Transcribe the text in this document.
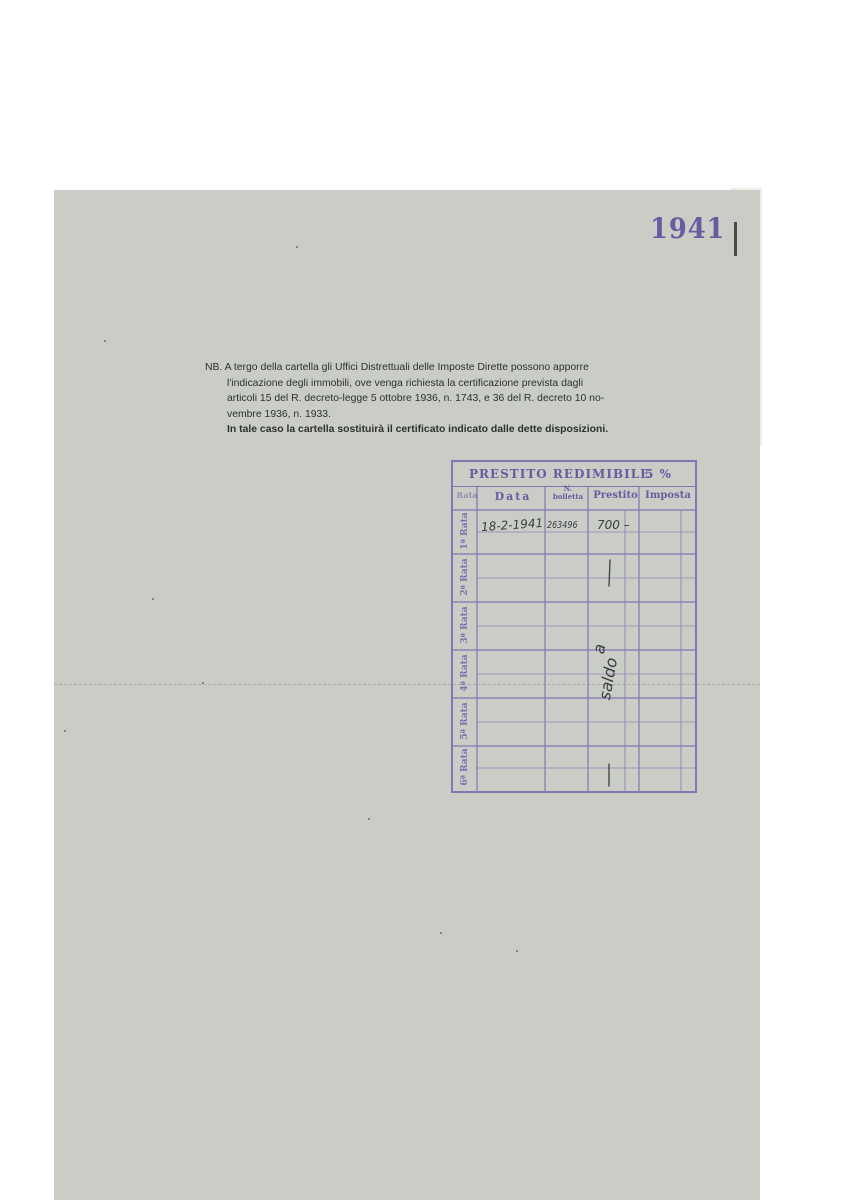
1941
NB. A tergo della cartella gli Uffici Distrettuali delle Imposte Dirette possono apporre
l'indicazione degli immobili, ove venga richiesta la certificazione prevista dagli
articoli 15 del R. decreto-legge 5 ottobre 1936, n. 1743, e 36 del R. decreto 10 no-
vembre 1936, n. 1933.
In tale caso la cartella sostituirà il certificato indicato dalle dette disposizioni.
PRESTITO REDIMIBILE
5 %
Rata	Data
N. bolletta	Prestito Imposta
1ª Rata
2ª Rata
3ª Rata
4ª Rata
5ª Rata
6ª Rata
18-2-1941 263496 700 –
a
saldo
